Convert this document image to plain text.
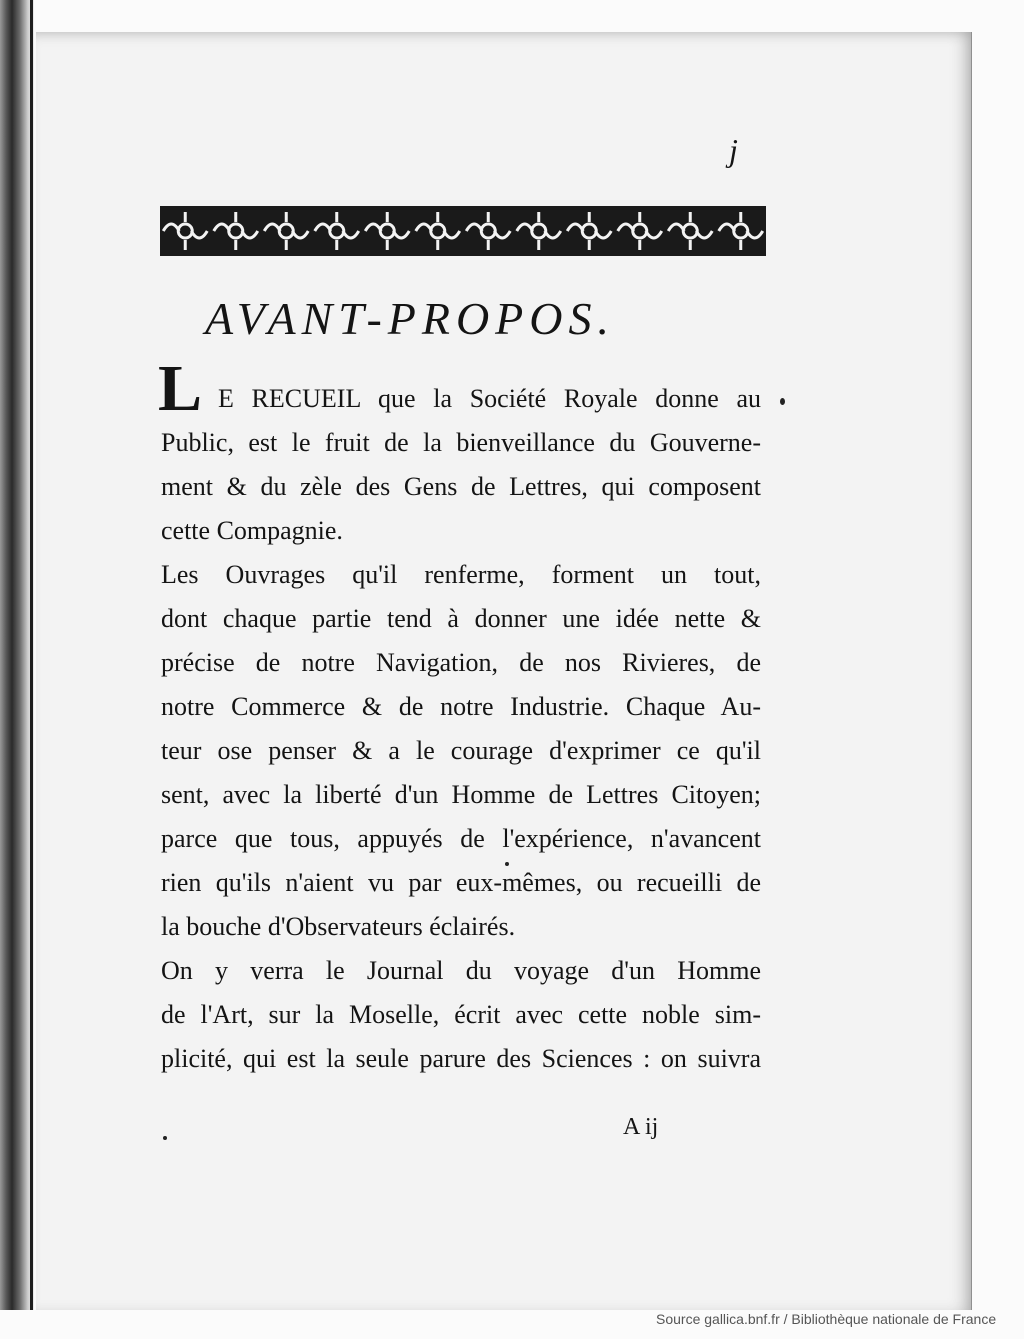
j
AVANT-PROPOS.
L E RECUEIL que la Société Royale donne au
Public, est le fruit de la bienveillance du Gouverne-
ment & du zèle des Gens de Lettres, qui composent
cette Compagnie.
Les Ouvrages qu'il renferme, forment un tout,
dont chaque partie tend à donner une idée nette &
précise de notre Navigation, de nos Rivieres, de
notre Commerce & de notre Industrie. Chaque Au-
teur ose penser & a le courage d'exprimer ce qu'il
sent, avec la liberté d'un Homme de Lettres Citoyen;
parce que tous, appuyés de l'expérience, n'avancent
rien qu'ils n'aient vu par eux-mêmes, ou recueilli de
la bouche d'Observateurs éclairés.
On y verra le Journal du voyage d'un Homme
de l'Art, sur la Moselle, écrit avec cette noble sim-
plicité, qui est la seule parure des Sciences : on suivra
A ij
Source gallica.bnf.fr / Bibliothèque nationale de France
